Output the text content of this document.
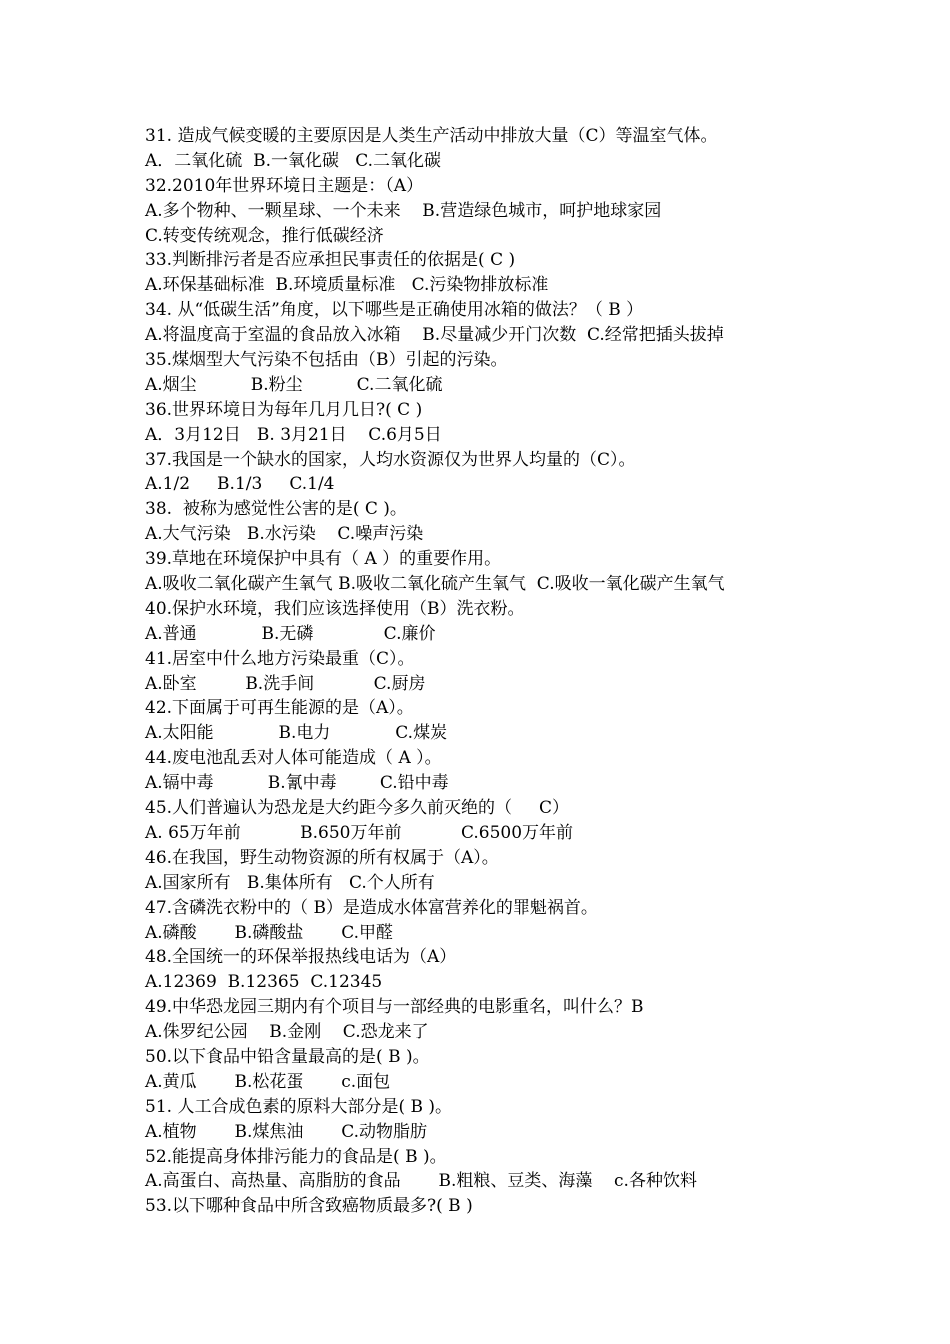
31. 造成气候变暖的主要原因是人类生产活动中排放大量（C）等温室气体。
A．二氧化硫  B.一氧化碳   C.二氧化碳
32.2010年世界环境日主题是：（A）
A.多个物种、一颗星球、一个未来    B.营造绿色城市，呵护地球家园
C.转变传统观念，推行低碳经济
33.判断排污者是否应承担民事责任的依据是( C )
A.环保基础标准  B.环境质量标准   C.污染物排放标准
34. 从“低碳生活”角度，以下哪些是正确使用冰箱的做法？（ B ）
A.将温度高于室温的食品放入冰箱    B.尽量减少开门次数  C.经常把插头拔掉
35.煤烟型大气污染不包括由（B）引起的污染。
A.烟尘          B.粉尘          C.二氧化硫
36.世界环境日为每年几月几日?( C )
A．3月12日   B. 3月21日    C.6月5日
37.我国是一个缺水的国家，人均水资源仅为世界人均量的（C）。
A.1/2     B.1/3     C.1/4
38.  被称为感觉性公害的是( C )。
A.大气污染   B.水污染    C.噪声污染
39.草地在环境保护中具有（ A ）的重要作用。
A.吸收二氧化碳产生氧气 B.吸收二氧化硫产生氧气  C.吸收一氧化碳产生氧气
40.保护水环境，我们应该选择使用（B）洗衣粉。
A.普通            B.无磷             C.廉价
41.居室中什么地方污染最重（C）。
A.卧室         B.洗手间           C.厨房
42.下面属于可再生能源的是（A）。
A.太阳能            B.电力            C.煤炭
44.废电池乱丢对人体可能造成（ A ）。
A.镉中毒          B.氰中毒        C.铅中毒
45.人们普遍认为恐龙是大约距今多久前灭绝的（     C）
A. 65万年前           B.650万年前           C.6500万年前
46.在我国，野生动物资源的所有权属于（A）。
A.国家所有   B.集体所有   C.个人所有
47.含磷洗衣粉中的（ B）是造成水体富营养化的罪魁祸首。
A.磷酸       B.磷酸盐       C.甲醛
48.全国统一的环保举报热线电话为（A）
A.12369  B.12365  C.12345
49.中华恐龙园三期内有个项目与一部经典的电影重名，叫什么？B
A.侏罗纪公园    B.金刚    C.恐龙来了
50.以下食品中铅含量最高的是( B )。
A.黄瓜       B.松花蛋       c.面包
51. 人工合成色素的原料大部分是( B )。
A.植物       B.煤焦油       C.动物脂肪
52.能提高身体排污能力的食品是( B )。
A.高蛋白、高热量、高脂肪的食品       B.粗粮、豆类、海藻    c.各种饮料
53.以下哪种食品中所含致癌物质最多?( B )
